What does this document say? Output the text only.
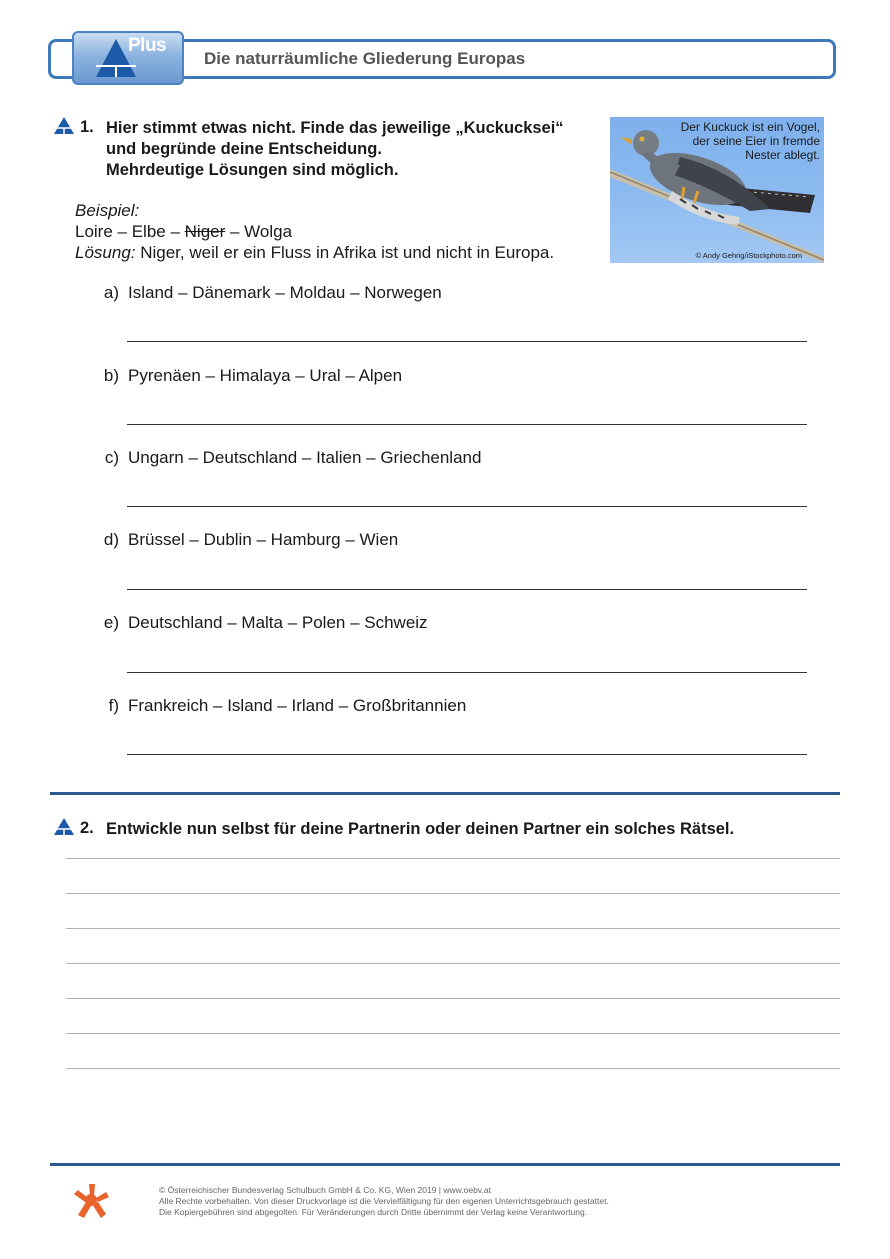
Plus
Die naturräumliche Gliederung Europas
1. Hier stimmt etwas nicht. Finde das jeweilige „Kuckucksei“
und begründe deine Entscheidung.
Mehrdeutige Lösungen sind möglich.
Der Kuckuck ist ein Vogel,
der seine Eier in fremde
Nester ablegt.
© Andy Gehrig/iStockphoto.com
Beispiel:
Loire – Elbe – Niger – Wolga
Lösung: Niger, weil er ein Fluss in Afrika ist und nicht in Europa.
a) Island – Dänemark – Moldau – Norwegen
b) Pyrenäen – Himalaya – Ural – Alpen
c) Ungarn – Deutschland – Italien – Griechenland
d) Brüssel – Dublin – Hamburg – Wien
e) Deutschland – Malta – Polen – Schweiz
f) Frankreich – Island – Irland – Großbritannien
2. Entwickle nun selbst für deine Partnerin oder deinen Partner ein solches Rätsel.
© Österreichischer Bundesverlag Schulbuch GmbH & Co. KG, Wien 2019 | www.oebv.at
Alle Rechte vorbehalten. Von dieser Druckvorlage ist die Vervielfältigung für den eigenen Unterrichtsgebrauch gestattet.
Die Kopiergebühren sind abgegolten. Für Veränderungen durch Dritte übernimmt der Verlag keine Verantwortung.
